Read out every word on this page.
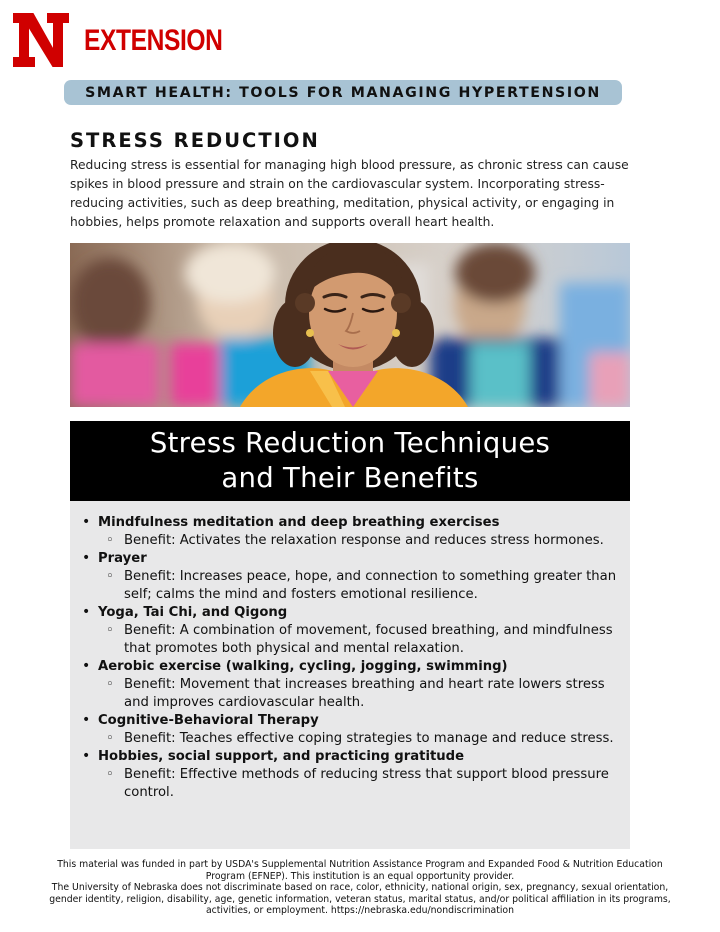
EXTENSION
SMART HEALTH: TOOLS FOR MANAGING HYPERTENSION
STRESS REDUCTION

Reducing stress is essential for managing high blood pressure, as chronic stress can cause spikes in blood pressure and strain on the cardiovascular system. Incorporating stress-reducing activities, such as deep breathing, meditation, physical activity, or engaging in hobbies, helps promote relaxation and supports overall heart health.

Stress Reduction Techniques
and Their Benefits
• Mindfulness meditation and deep breathing exercises
◦ Benefit: Activates the relaxation response and reduces stress hormones.
• Prayer
◦ Benefit: Increases peace, hope, and connection to something greater than self; calms the mind and fosters emotional resilience.
• Yoga, Tai Chi, and Qigong
◦ Benefit: A combination of movement, focused breathing, and mindfulness that promotes both physical and mental relaxation.
• Aerobic exercise (walking, cycling, jogging, swimming)
◦ Benefit: Movement that increases breathing and heart rate lowers stress and improves cardiovascular health.
• Cognitive-Behavioral Therapy
◦ Benefit: Teaches effective coping strategies to manage and reduce stress.
• Hobbies, social support, and practicing gratitude
◦ Benefit: Effective methods of reducing stress that support blood pressure control.

This material was funded in part by USDA's Supplemental Nutrition Assistance Program and Expanded Food & Nutrition Education Program (EFNEP). This institution is an equal opportunity provider.

The University of Nebraska does not discriminate based on race, color, ethnicity, national origin, sex, pregnancy, sexual orientation, gender identity, religion, disability, age, genetic information, veteran status, marital status, and/or political affiliation in its programs, activities, or employment. https://nebraska.edu/nondiscrimination
